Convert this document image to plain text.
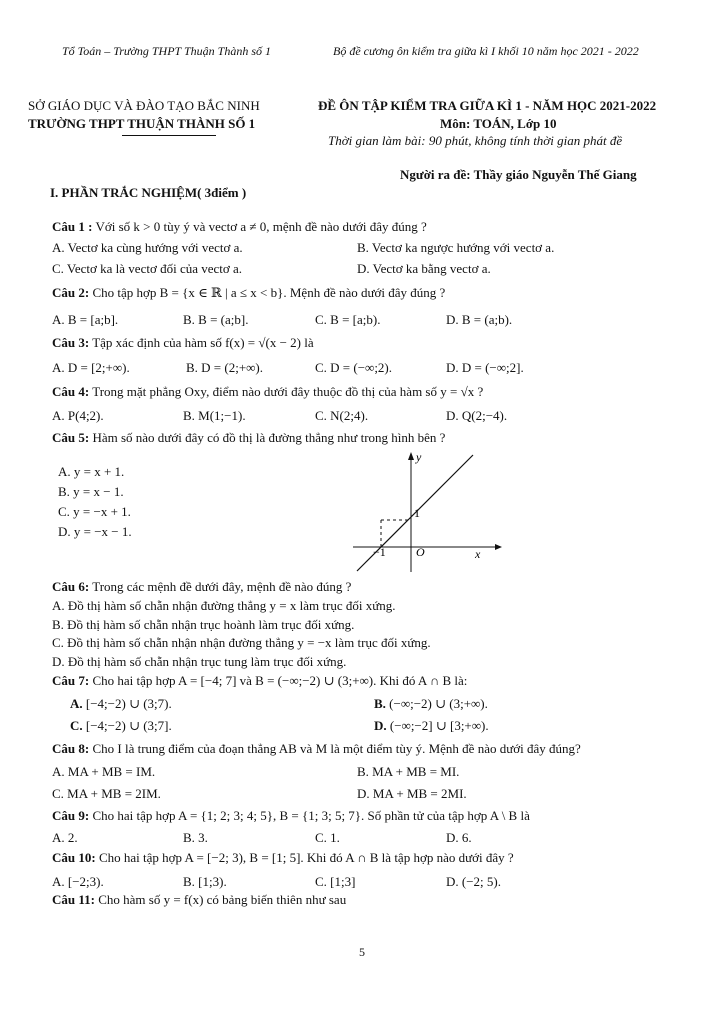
Tổ Toán – Trường THPT Thuận Thành số 1	Bộ đề cương ôn kiểm tra giữa kì I khối 10 năm học 2021 - 2022
SỞ GIÁO DỤC VÀ ĐÀO TẠO BẮC NINH
TRƯỜNG THPT THUẬN THÀNH SỐ 1
ĐỀ ÔN TẬP KIỂM TRA GIỮA KÌ 1 - NĂM HỌC 2021-2022
Môn: TOÁN, Lớp 10
Thời gian làm bài: 90 phút, không tính thời gian phát đề
Người ra đề: Thầy giáo Nguyễn Thế Giang
I. PHẦN TRẮC NGHIỆM( 3điểm )
Câu 1 : Với số k > 0 tùy ý và vectơ a ≠ 0, mệnh đề nào dưới đây đúng ?
A. Vectơ ka cùng hướng với vectơ a.	B. Vectơ ka ngược hướng với vectơ a.
C. Vectơ ka là vectơ đối của vectơ a.	D. Vectơ ka bằng vectơ a.
Câu 2: Cho tập hợp B = {x ∈ ℝ | a ≤ x < b}. Mệnh đề nào dưới đây đúng ?
A. B = [a;b].	B. B = (a;b].	C. B = [a;b).	D. B = (a;b).
Câu 3: Tập xác định của hàm số f(x) = √(x − 2) là
A. D = [2;+∞).	B. D = (2;+∞).	C. D = (−∞;2).	D. D = (−∞;2].
Câu 4: Trong mặt phẳng Oxy, điểm nào dưới đây thuộc đồ thị của hàm số y = √x ?
A. P(4;2).	B. M(1;−1).	C. N(2;4).	D. Q(2;−4).
Câu 5: Hàm số nào dưới đây có đồ thị là đường thẳng như trong hình bên ?
A. y = x + 1.
B. y = x − 1.
C. y = −x + 1.
D. y = −x − 1.
y
x
O
1
−1
Câu 6: Trong các mệnh đề dưới đây, mệnh đề nào đúng ?
A. Đồ thị hàm số chẵn nhận đường thẳng y = x làm trục đối xứng.
B. Đồ thị hàm số chẵn nhận trục hoành làm trục đối xứng.
C. Đồ thị hàm số chẵn nhận nhận đường thẳng y = −x làm trục đối xứng.
D. Đồ thị hàm số chẵn nhận trục tung làm trục đối xứng.
Câu 7: Cho hai tập hợp A = [−4; 7] và B = (−∞;−2) ∪ (3;+∞). Khi đó A ∩ B là:
A. [−4;−2) ∪ (3;7).	B. (−∞;−2) ∪ (3;+∞).
C. [−4;−2) ∪ (3;7].	D. (−∞;−2] ∪ [3;+∞).
Câu 8: Cho I là trung điểm của đoạn thẳng AB và M là một điểm tùy ý. Mệnh đề nào dưới đây đúng?
A. MA + MB = IM.	B. MA + MB = MI.
C. MA + MB = 2IM.	D. MA + MB = 2MI.
Câu 9: Cho hai tập hợp A = {1; 2; 3; 4; 5}, B = {1; 3; 5; 7}. Số phần tử của tập hợp A \ B là
A. 2.	B. 3.	C. 1.	D. 6.
Câu 10: Cho hai tập hợp A = [−2; 3), B = [1; 5]. Khi đó A ∩ B là tập hợp nào dưới đây ?
A. [−2;3).	B. [1;3).	C. [1;3]	D. (−2; 5).
Câu 11: Cho hàm số y = f(x) có bảng biến thiên như sau
5
